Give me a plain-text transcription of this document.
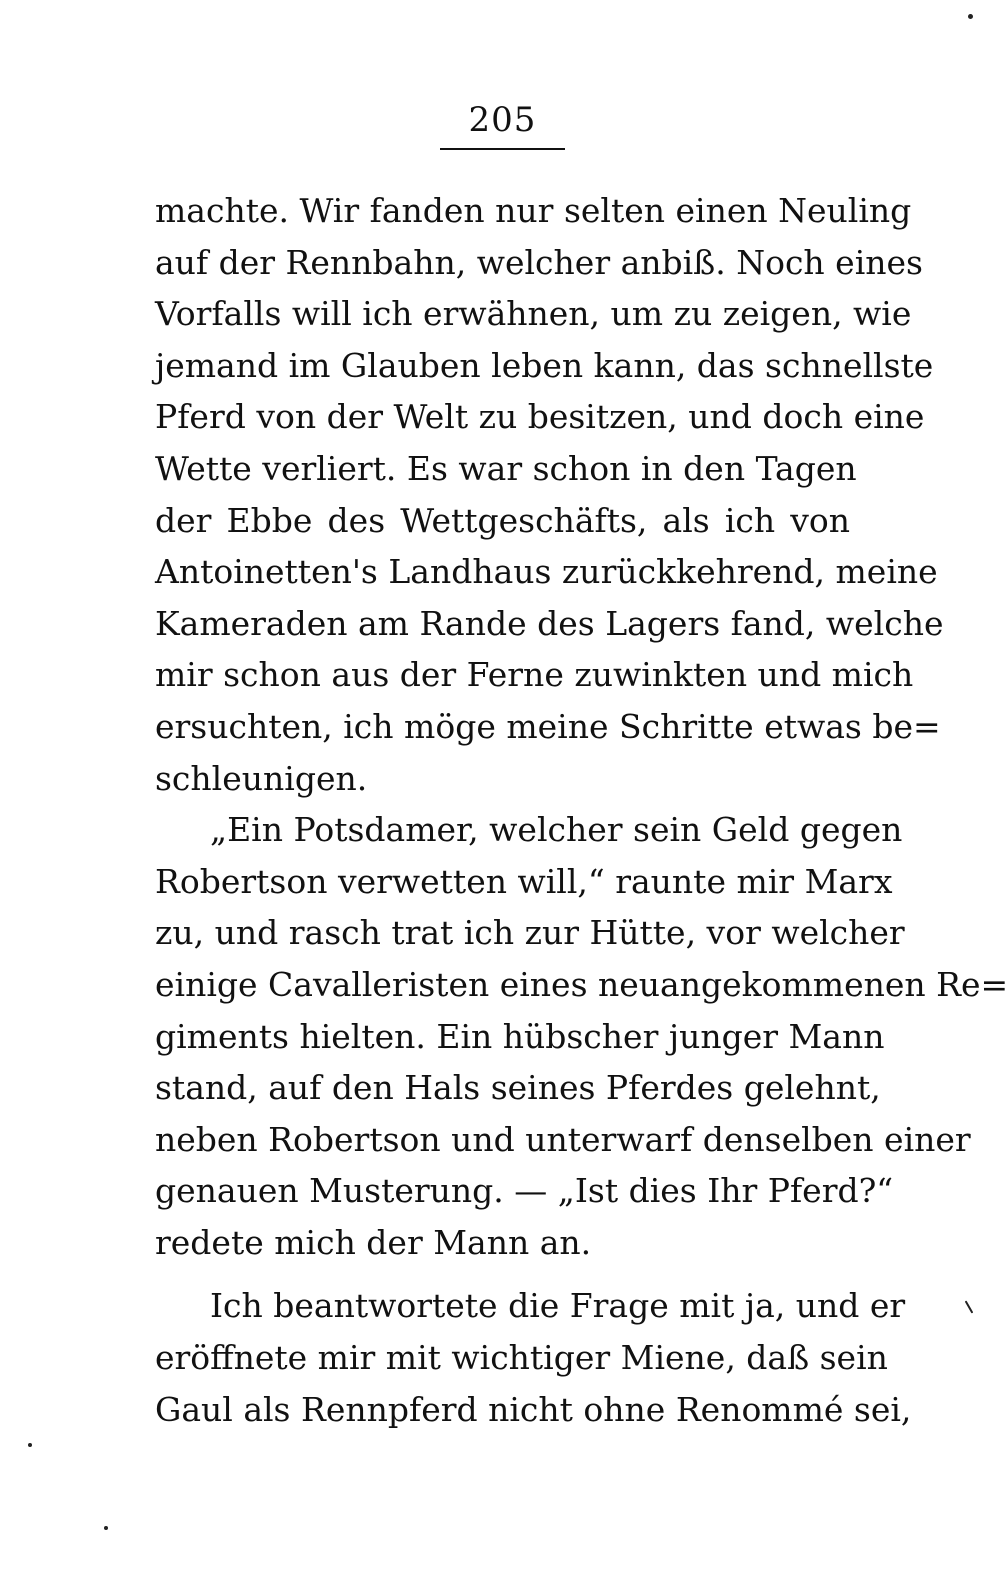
205
machte. Wir fanden nur selten einen Neuling
auf der Rennbahn, welcher anbiß. Noch eines
Vorfalls will ich erwähnen, um zu zeigen, wie
jemand im Glauben leben kann, das schnellste
Pferd von der Welt zu besitzen, und doch eine
Wette verliert. Es war schon in den Tagen
der Ebbe des Wettgeschäfts, als ich von
Antoinetten's Landhaus zurückkehrend, meine
Kameraden am Rande des Lagers fand, welche
mir schon aus der Ferne zuwinkten und mich
ersuchten, ich möge meine Schritte etwas be=
schleunigen.
„Ein Potsdamer, welcher sein Geld gegen
Robertson verwetten will,“ raunte mir Marx
zu, und rasch trat ich zur Hütte, vor welcher
einige Cavalleristen eines neuangekommenen Re=
giments hielten. Ein hübscher junger Mann
stand, auf den Hals seines Pferdes gelehnt,
neben Robertson und unterwarf denselben einer
genauen Musterung. — „Ist dies Ihr Pferd?“
redete mich der Mann an.
Ich beantwortete die Frage mit ja, und er
eröffnete mir mit wichtiger Miene, daß sein
Gaul als Rennpferd nicht ohne Renommé sei,
